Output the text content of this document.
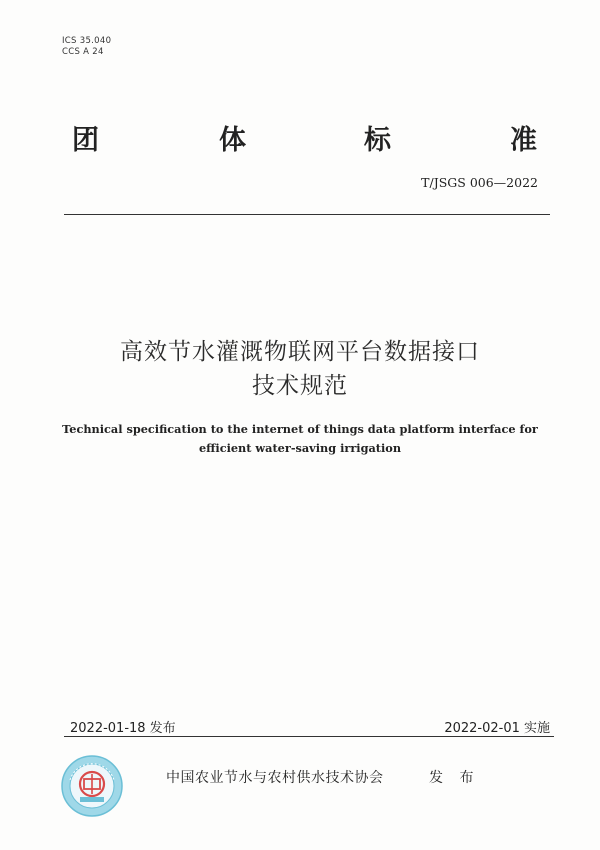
ICS 35.040
CCS A 24
团	体	标	准
T/JSGS 006—2022
高效节水灌溉物联网平台数据接口
技术规范
Technical specification to the internet of things data platform interface for
efficient water-saving irrigation
2022-01-18 发布	2022-02-01 实施
中国农业节水与农村供水技术协会	发 布
